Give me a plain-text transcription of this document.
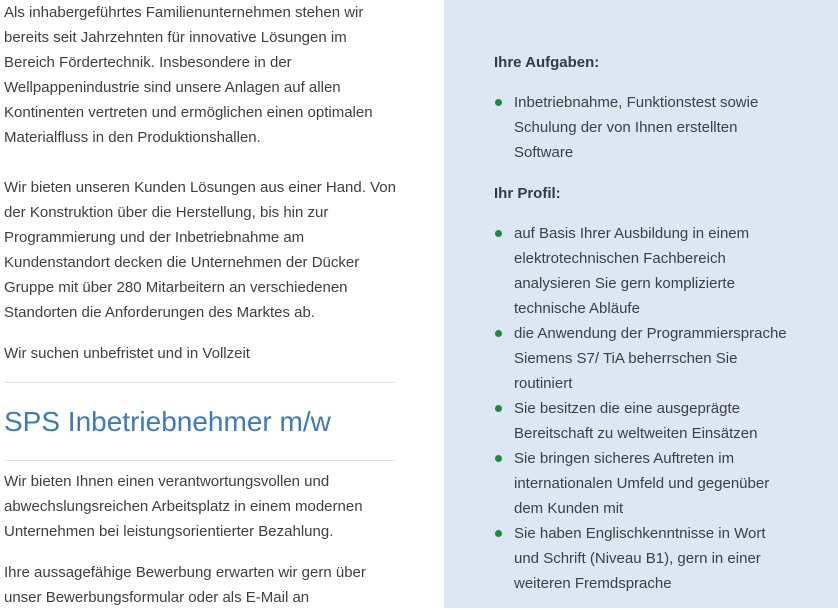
Als inhabergeführtes Familienunternehmen stehen wir bereits seit Jahrzehnten für innovative Lösungen im Bereich Fördertechnik. Insbesondere in der Wellpappenindustrie sind unsere Anlagen auf allen Kontinenten vertreten und ermöglichen einen optimalen Materialfluss in den Produktionshallen.

Wir bieten unseren Kunden Lösungen aus einer Hand. Von der Konstruktion über die Herstellung, bis hin zur Programmierung und der Inbetriebnahme am Kundenstandort decken die Unternehmen der Dücker Gruppe mit über 280 Mitarbeitern an verschiedenen Standorten die Anforderungen des Marktes ab.

Wir suchen unbefristet und in Vollzeit

SPS Inbetriebnehmer m/w

Wir bieten Ihnen einen verantwortungsvollen und abwechslungsreichen Arbeitsplatz in einem modernen Unternehmen bei leistungsorientierter Bezahlung.

Ihre aussagefähige Bewerbung erwarten wir gern über unser Bewerbungsformular oder als E-Mail an

Ihre Aufgaben:
Inbetriebnahme, Funktionstest sowie Schulung der von Ihnen erstellten Software
Ihr Profil:
auf Basis Ihrer Ausbildung in einem elektrotechnischen Fachbereich analysieren Sie gern komplizierte technische Abläufe
die Anwendung der Programmiersprache Siemens S7/ TiA beherrschen Sie routiniert
Sie besitzen die eine ausgeprägte Bereitschaft zu weltweiten Einsätzen
Sie bringen sicheres Auftreten im internationalen Umfeld und gegenüber dem Kunden mit
Sie haben Englischkenntnisse in Wort und Schrift (Niveau B1), gern in einer weiteren Fremdsprache
